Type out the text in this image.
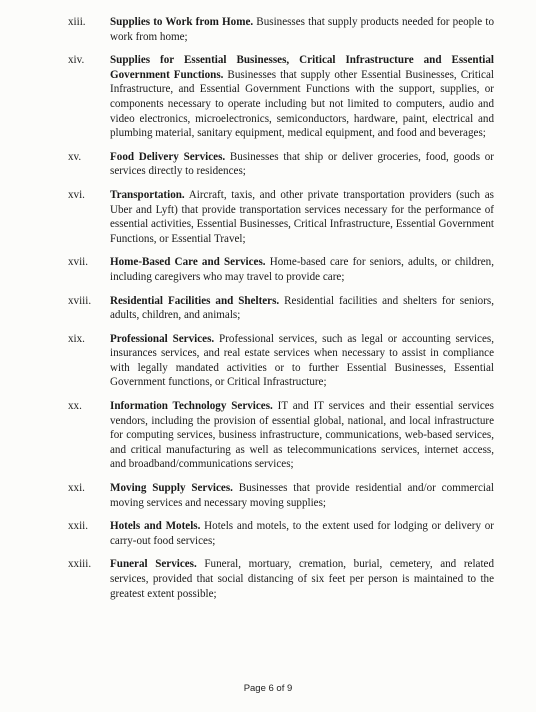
xiii.	Supplies to Work from Home. Businesses that supply products needed for people to work from home;
xiv.	Supplies for Essential Businesses, Critical Infrastructure and Essential Government Functions. Businesses that supply other Essential Businesses, Critical Infrastructure, and Essential Government Functions with the support, supplies, or components necessary to operate including but not limited to computers, audio and video electronics, microelectronics, semiconductors, hardware, paint, electrical and plumbing material, sanitary equipment, medical equipment, and food and beverages;
xv.	Food Delivery Services. Businesses that ship or deliver groceries, food, goods or services directly to residences;
xvi.	Transportation. Aircraft, taxis, and other private transportation providers (such as Uber and Lyft) that provide transportation services necessary for the performance of essential activities, Essential Businesses, Critical Infrastructure, Essential Government Functions, or Essential Travel;
xvii.	Home-Based Care and Services. Home-based care for seniors, adults, or children, including caregivers who may travel to provide care;
xviii.	Residential Facilities and Shelters. Residential facilities and shelters for seniors, adults, children, and animals;
xix.	Professional Services. Professional services, such as legal or accounting services, insurances services, and real estate services when necessary to assist in compliance with legally mandated activities or to further Essential Businesses, Essential Government functions, or Critical Infrastructure;
xx.	Information Technology Services. IT and IT services and their essential services vendors, including the provision of essential global, national, and local infrastructure for computing services, business infrastructure, communications, web-based services, and critical manufacturing as well as telecommunications services, internet access, and broadband/communications services;
xxi.	Moving Supply Services. Businesses that provide residential and/or commercial moving services and necessary moving supplies;
xxii.	Hotels and Motels. Hotels and motels, to the extent used for lodging or delivery or carry-out food services;
xxiii.	Funeral Services. Funeral, mortuary, cremation, burial, cemetery, and related services, provided that social distancing of six feet per person is maintained to the greatest extent possible;
Page 6 of 9
